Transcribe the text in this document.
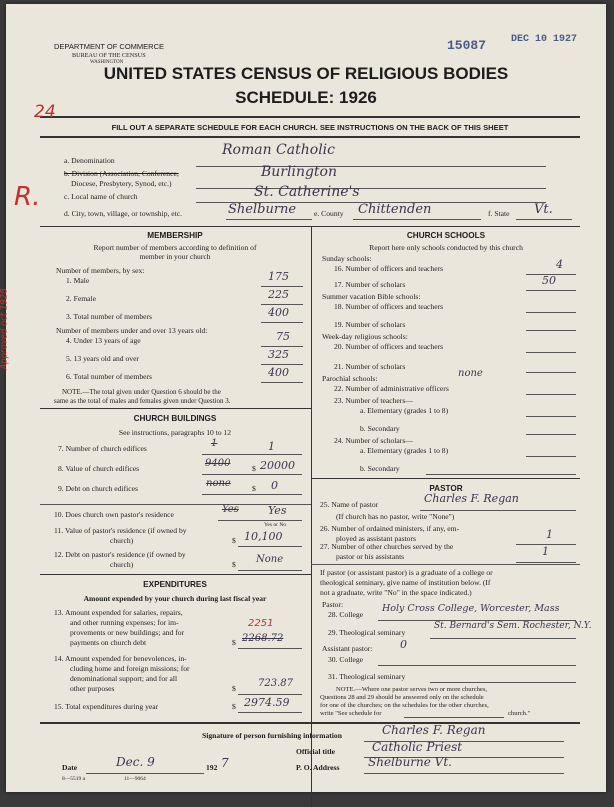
DEPARTMENT OF COMMERCE
BUREAU OF THE CENSUS
WASHINGTON
15087 DEC 10 1927
UNITED STATES CENSUS OF RELIGIOUS BODIES
SCHEDULE: 1926
FILL OUT A SEPARATE SCHEDULE FOR EACH CHURCH. SEE INSTRUCTIONS ON THE BACK OF THIS SHEET
24
R.
Approved oct 1928
a. Denomination
Roman Catholic
b. Division (Association, Conference,
Diocese, Presbytery, Synod, etc.)
Burlington
c. Local name of church	St. Catherine's
d. City, town, village, or township, etc.	Shelburne e. County Chittenden	f. State Vt.
MEMBERSHIP
Report number of members according to definition of
member in your church
Number of members, by sex:
1. Male	175
2. Female	225
3. Total number of members	400
Number of members under and over 13 years old:
4. Under 13 years of age	75
5. 13 years old and over	325
6. Total number of members	400
NOTE.—The total given under Question 6 should be the
same as the total of males and females given under Question 3.
CHURCH BUILDINGS
See instructions, paragraphs 10 to 12
7. Number of church edifices	1	1
8. Value of church edifices	$
9400	20000
9. Debt on church edifices	$
none	0
10. Does church own pastor's residence	Yes	Yes
Yes or No
11. Value of pastor's residence (if owned by
church)	$ 10,100
12. Debt on pastor's residence (if owned by
church)	$ None
EXPENDITURES
Amount expended by your church during last fiscal year
13. Amount expended for salaries, repairs,
and other running expenses; for im-
provements or new buildings; and for
payments on church debt	$
2251
2268.72
14. Amount expended for benevolences, in-
cluding home and foreign missions; for
denominational support; and for all
other purposes	$ 723.87
15. Total expenditures during year	$ 2974.59
CHURCH SCHOOLS
Report here only schools conducted by this church
Sunday schools:
16. Number of officers and teachers	4
17. Number of scholars	50
Summer vacation Bible schools:
18. Number of officers and teachers
19. Number of scholars
Week-day religious schools:
20. Number of officers and teachers
21. Number of scholars
Parochial schools:	none
22. Number of administrative officers
23. Number of teachers—
a. Elementary (grades 1 to 8)
b. Secondary
24. Number of scholars—
a. Elementary (grades 1 to 8)
b. Secondary
PASTOR
25. Name of pastor	Charles F. Regan
(If church has no pastor, write "None")
26. Number of ordained ministers, if any, em-
ployed as assistant pastors	1
27. Number of other churches served by the
pastor or his assistants	1
If pastor (or assistant pastor) is a graduate of a college or
theological seminary, give name of institution below. (If
not a graduate, write "No" in the space indicated.)
Pastor:
28. College
Holy Cross College, Worcester, Mass
29. Theological seminary
St. Bernard's Sem. Rochester, N.Y.
Assistant pastor:	0
30. College
31. Theological seminary
NOTE.—Where one pastor serves two or more churches,
Questions 28 and 29 should be answered only on the schedule
for one of the churches; on the schedules for the other churches,
write "See schedule for	church."
Signature of person furnishing information	Charles F. Regan
Official title	Catholic Priest
Date	Dec. 9	192 7	P. O. Address Shelburne Vt.
8—5519 a	11—9064
